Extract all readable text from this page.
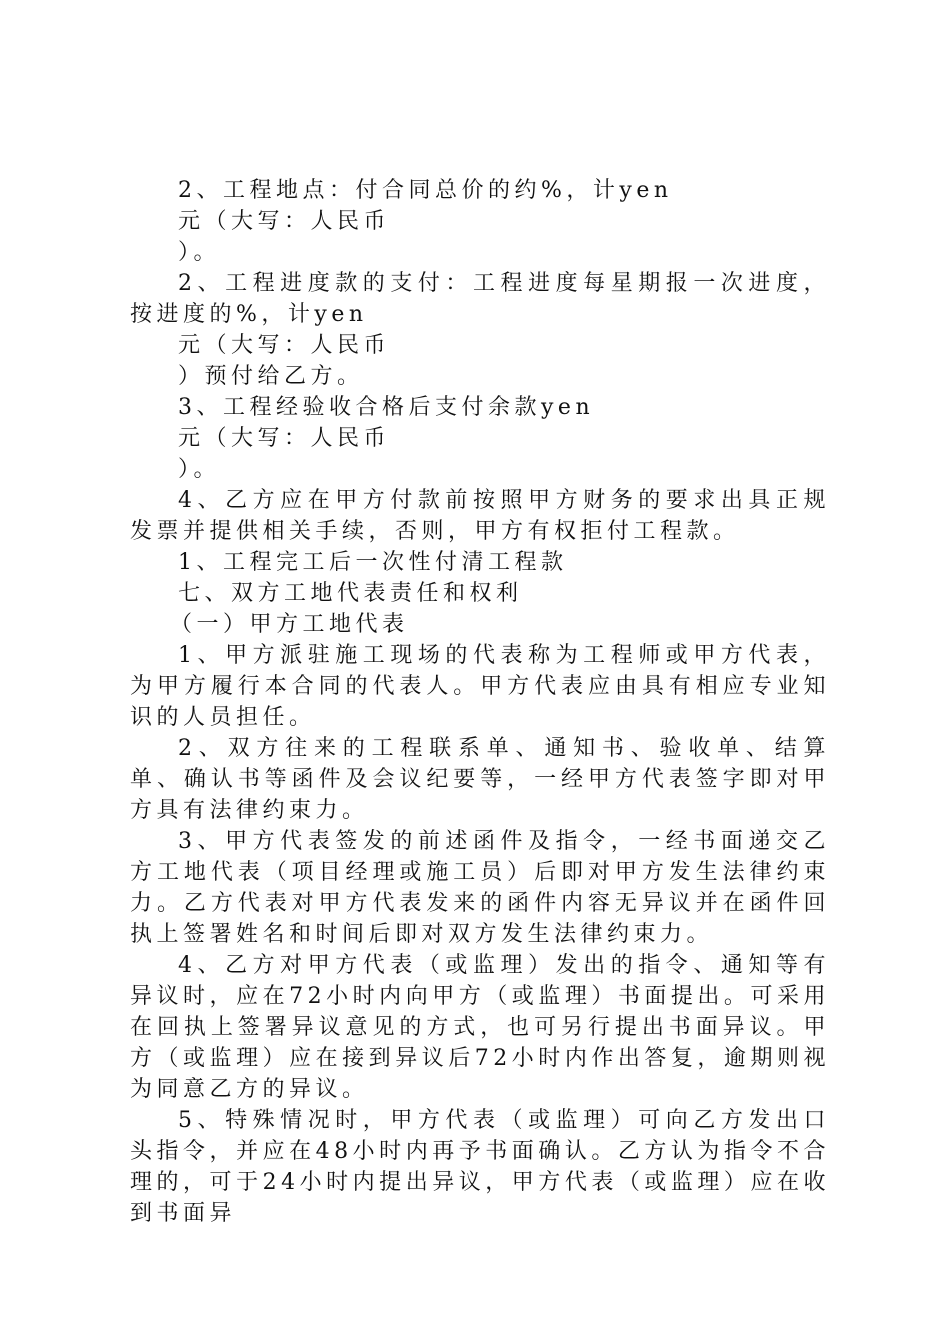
2、工程地点：付合同总价的约%，计yen

元（大写：人民币

）。

2、工程进度款的支付：工程进度每星期报一次进度，按进度的%，计yen

元（大写：人民币

）预付给乙方。

3、工程经验收合格后支付余款yen

元（大写：人民币

）。

4、乙方应在甲方付款前按照甲方财务的要求出具正规发票并提供相关手续，否则，甲方有权拒付工程款。

1、工程完工后一次性付清工程款

七、双方工地代表责任和权利

（一）甲方工地代表

1、甲方派驻施工现场的代表称为工程师或甲方代表，为甲方履行本合同的代表人。甲方代表应由具有相应专业知识的人员担任。

2、双方往来的工程联系单、通知书、验收单、结算单、确认书等函件及会议纪要等，一经甲方代表签字即对甲方具有法律约束力。

3、甲方代表签发的前述函件及指令，一经书面递交乙方工地代表（项目经理或施工员）后即对甲方发生法律约束力。乙方代表对甲方代表发来的函件内容无异议并在函件回执上签署姓名和时间后即对双方发生法律约束力。

4、乙方对甲方代表（或监理）发出的指令、通知等有异议时，应在72小时内向甲方（或监理）书面提出。可采用在回执上签署异议意见的方式，也可另行提出书面异议。甲方（或监理）应在接到异议后72小时内作出答复，逾期则视为同意乙方的异议。

5、特殊情况时，甲方代表（或监理）可向乙方发出口头指令，并应在48小时内再予书面确认。乙方认为指令不合理的，可于24小时内提出异议，甲方代表（或监理）应在收到书面异
